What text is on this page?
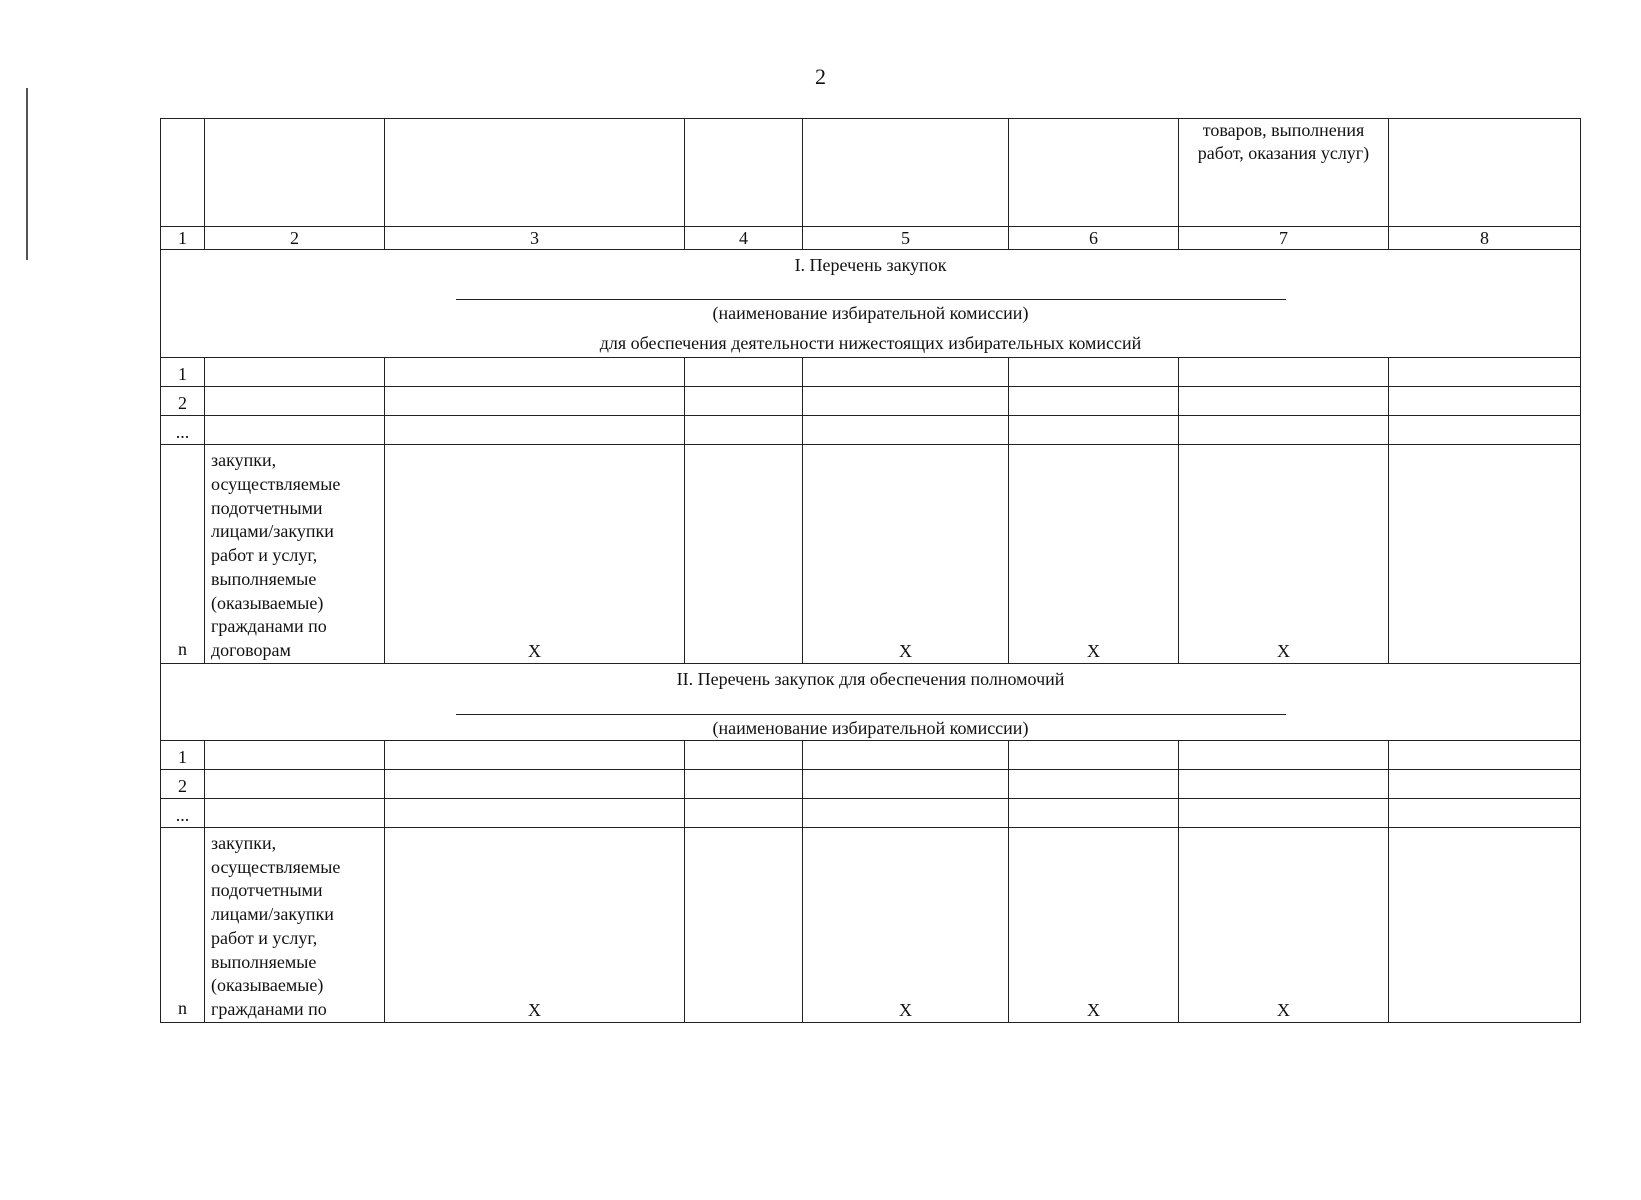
2
						товаров, выполнения работ, оказания услуг)	
1	2	3	4	5	6	7	8

I. Перечень закупок
(наименование избирательной комиссии)
для обеспечения деятельности нижестоящих избирательных комиссий							

1							
2							
...							
n	закупки, осуществляемые подотчетными лицами/закупки работ и услуг, выполняемые (оказываемые) гражданами по договорам	X		X	X	X	

II. Перечень закупок для обеспечения полномочий
(наименование избирательной комиссии)							

1							
2							
...							
n	закупки, осуществляемые подотчетными лицами/закупки работ и услуг, выполняемые (оказываемые) гражданами по	X		X	X	X	
